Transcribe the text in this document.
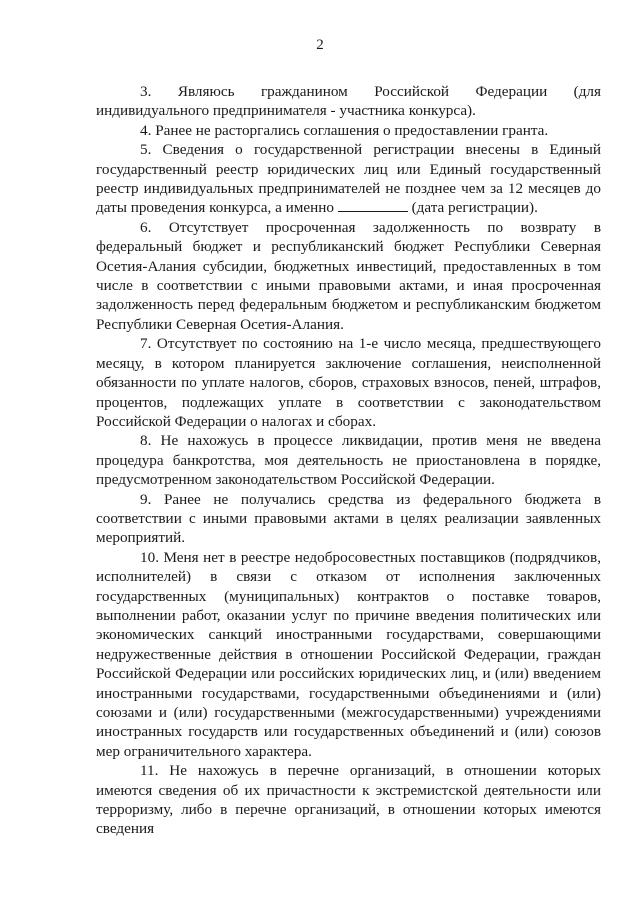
2

3. Являюсь гражданином Российской Федерации (для индивидуального предпринимателя - участника конкурса).

4. Ранее не расторгались соглашения о предоставлении гранта.

5. Сведения о государственной регистрации внесены в Единый государственный реестр юридических лиц или Единый государственный реестр индивидуальных предпринимателей не позднее чем за 12 месяцев до даты проведения конкурса, а именно	(дата регистрации).

6. Отсутствует просроченная задолженность по возврату в федеральный бюджет и республиканский бюджет Республики Северная Осетия-Алания субсидии, бюджетных инвестиций, предоставленных в том числе в соответствии с иными правовыми актами, и иная просроченная задолженность перед федеральным бюджетом и республиканским бюджетом Республики Северная Осетия-Алания.

7. Отсутствует по состоянию на 1-е число месяца, предшествующего месяцу, в котором планируется заключение соглашения, неисполненной обязанности по уплате налогов, сборов, страховых взносов, пеней, штрафов, процентов, подлежащих уплате в соответствии с законодательством Российской Федерации о налогах и сборах.

8. Не нахожусь в процессе ликвидации, против меня не введена процедура банкротства, моя деятельность не приостановлена в порядке, предусмотренном законодательством Российской Федерации.

9. Ранее не получались средства из федерального бюджета в соответствии с иными правовыми актами в целях реализации заявленных мероприятий.

10. Меня нет в реестре недобросовестных поставщиков (подрядчиков, исполнителей) в связи с отказом от исполнения заключенных государственных (муниципальных) контрактов о поставке товаров, выполнении работ, оказании услуг по причине введения политических или экономических санкций иностранными государствами, совершающими недружественные действия в отношении Российской Федерации, граждан Российской Федерации или российских юридических лиц, и (или) введением иностранными государствами, государственными объединениями и (или) союзами и (или) государственными (межгосударственными) учреждениями иностранных государств или государственных объединений и (или) союзов мер ограничительного характера.

11. Не нахожусь в перечне организаций, в отношении которых имеются сведения об их причастности к экстремистской деятельности или терроризму, либо в перечне организаций, в отношении которых имеются сведения
